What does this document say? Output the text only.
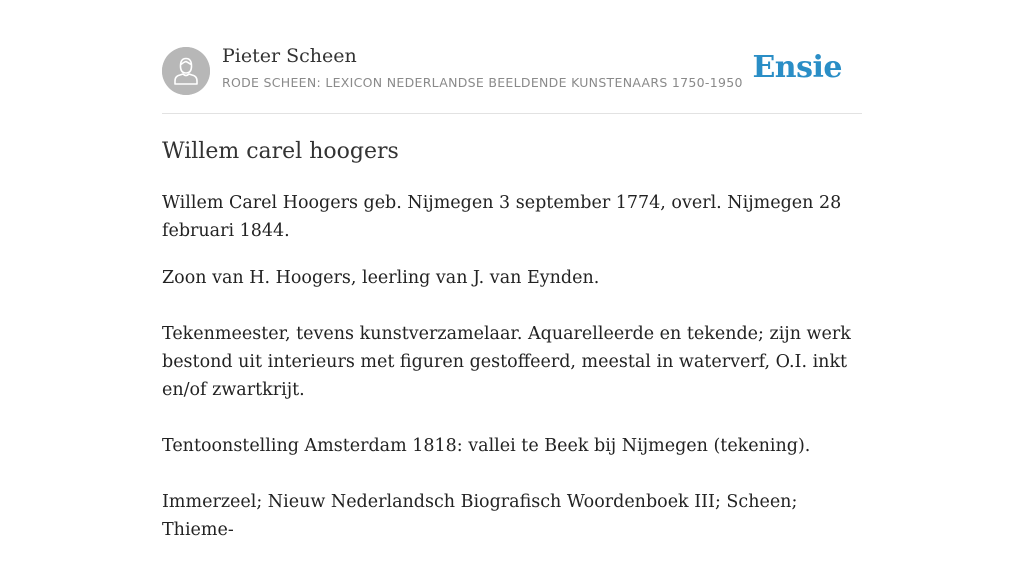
Pieter Scheen
RODE SCHEEN: LEXICON NEDERLANDSE BEELDENDE KUNSTENAARS 1750-1950 Ensie
Willem carel hoogers

Willem Carel Hoogers geb. Nijmegen 3 september 1774, overl. Nijmegen 28 februari 1844.

Zoon van H. Hoogers, leerling van J. van Eynden.

Tekenmeester, tevens kunstverzamelaar. Aquarelleerde en tekende; zijn werk bestond uit interieurs met figuren gestoffeerd, meestal in waterverf, O.I. inkt en/of zwartkrijt.

Tentoonstelling Amsterdam 1818: vallei te Beek bij Nijmegen (tekening).

Immerzeel; Nieuw Nederlandsch Biografisch Woordenboek III; Scheen; Thieme-
